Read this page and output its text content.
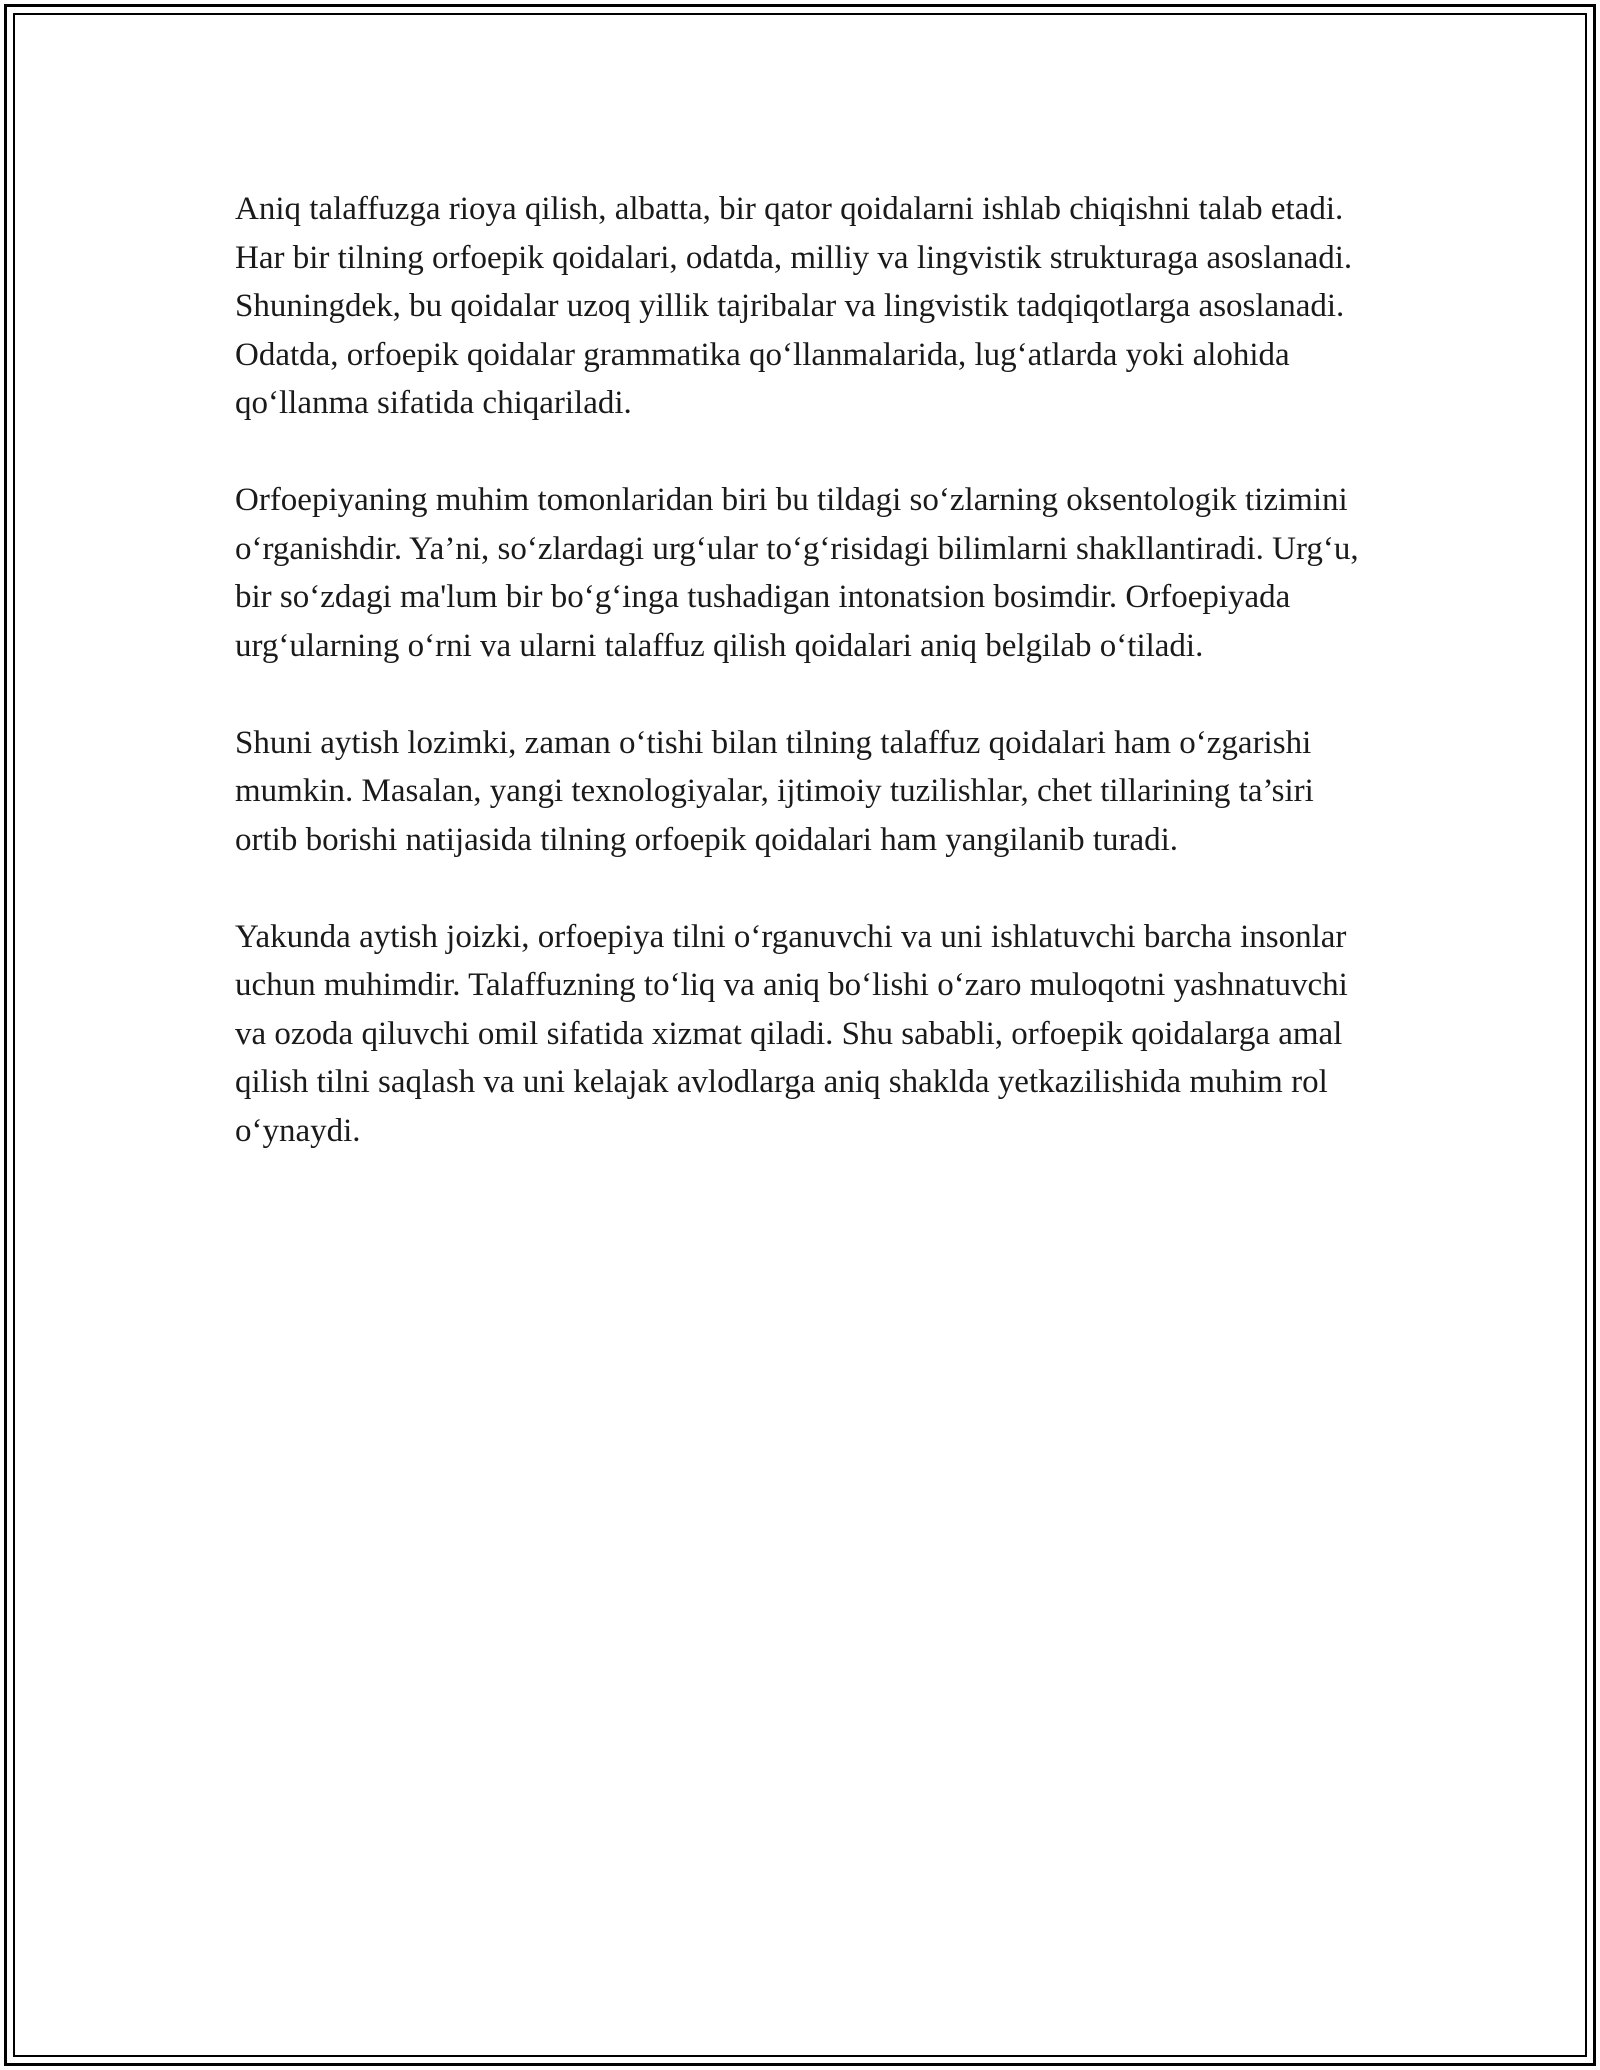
Aniq talaffuzga rioya qilish, albatta, bir qator qoidalarni ishlab chiqishni talab etadi. Har bir tilning orfoepik qoidalari, odatda, milliy va lingvistik strukturaga asoslanadi. Shuningdek, bu qoidalar uzoq yillik tajribalar va lingvistik tadqiqotlarga asoslanadi. Odatda, orfoepik qoidalar grammatika qo‘llanmalarida, lug‘atlarda yoki alohida qo‘llanma sifatida chiqariladi.

Orfoepiyaning muhim tomonlaridan biri bu tildagi so‘zlarning oksentologik tizimini o‘rganishdir. Ya’ni, so‘zlardagi urg‘ular to‘g‘risidagi bilimlarni shakllantiradi. Urg‘u, bir so‘zdagi ma'lum bir bo‘g‘inga tushadigan intonatsion bosimdir. Orfoepiyada urg‘ularning o‘rni va ularni talaffuz qilish qoidalari aniq belgilab o‘tiladi.

Shuni aytish lozimki, zaman o‘tishi bilan tilning talaffuz qoidalari ham o‘zgarishi mumkin. Masalan, yangi texnologiyalar, ijtimoiy tuzilishlar, chet tillarining ta’siri ortib borishi natijasida tilning orfoepik qoidalari ham yangilanib turadi.

Yakunda aytish joizki, orfoepiya tilni o‘rganuvchi va uni ishlatuvchi barcha insonlar uchun muhimdir. Talaffuzning to‘liq va aniq bo‘lishi o‘zaro muloqotni yashnatuvchi va ozoda qiluvchi omil sifatida xizmat qiladi. Shu sababli, orfoepik qoidalarga amal qilish tilni saqlash va uni kelajak avlodlarga aniq shaklda yetkazilishida muhim rol o‘ynaydi.
